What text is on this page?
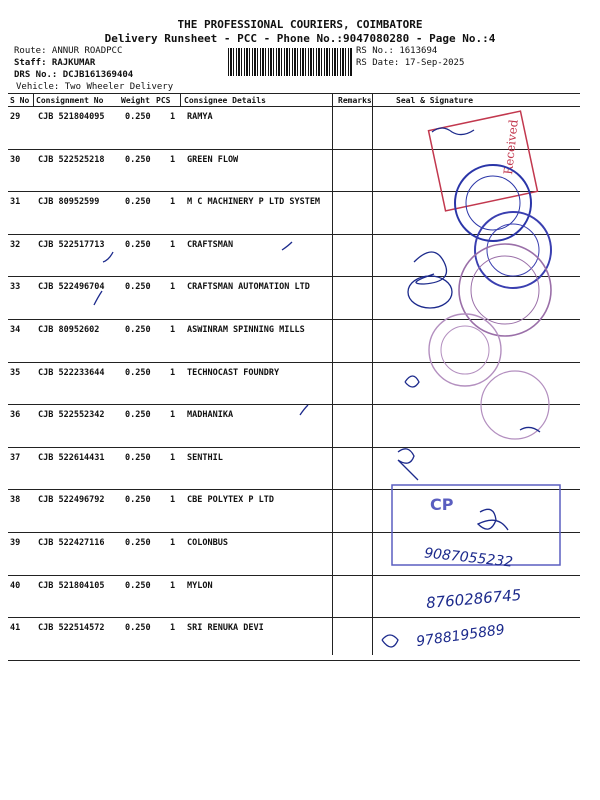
THE PROFESSIONAL COURIERS, COIMBATORE
Delivery Runsheet - PCC - Phone No.:9047080280 - Page No.:4
Route: ANNUR ROADPCC
Staff: RAJKUMAR
DRS No.: DCJB161369404
Vehicle: Two Wheeler Delivery
RS No.: 1613694
RS Date: 17-Sep-2025
S No Consignment No Weight PCS Consignee Details	Remarks	Seal & Signature
29 CJB 521804095 0.250 1 RAMYA
30 CJB 522525218 0.250 1 GREEN FLOW
31 CJB 80952599	0.250 1 M C MACHINERY P LTD SYSTEM
32 CJB 522517713 0.250 1 CRAFTSMAN
33 CJB 522496704 0.250 1 CRAFTSMAN AUTOMATION LTD
34 CJB 80952602	0.250 1 ASWINRAM SPINNING MILLS
35 CJB 522233644 0.250 1 TECHNOCAST FOUNDRY
36 CJB 522552342 0.250 1 MADHANIKA
37 CJB 522614431 0.250 1 SENTHIL
38 CJB 522496792 0.250 1 CBE POLYTEX P LTD
39 CJB 522427116 0.250 1 COLONBUS
40 CJB 521804105 0.250 1 MYLON
41 CJB 522514572 0.250 1 SRI RENUKA DEVI
Received
CP
9087055232
8760286745
9788195889
